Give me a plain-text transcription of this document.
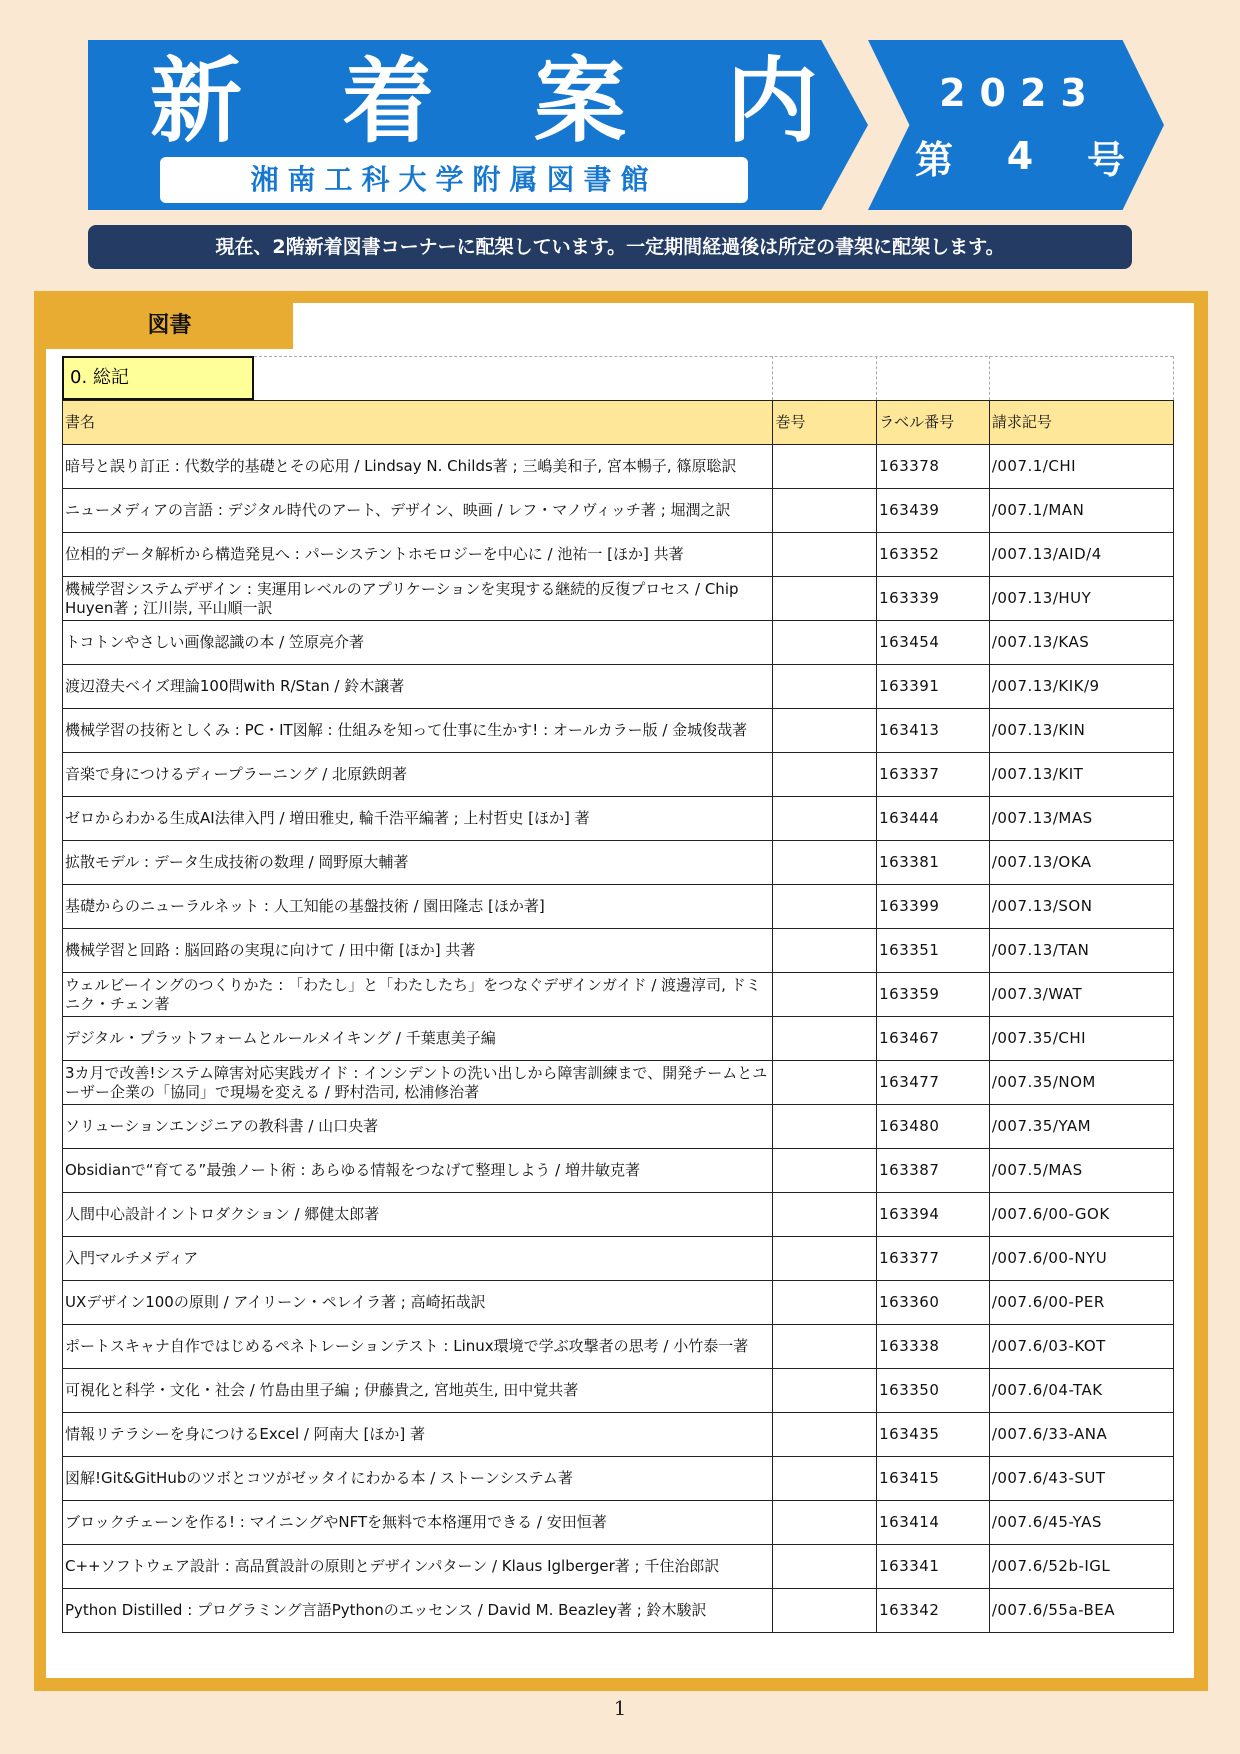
新 着 案 内
湘南工科大学附属図書館
2023
第 4 号
現在、2階新着図書コーナーに配架しています。一定期間経過後は所定の書架に配架します。
図書
0. 総記
書名	巻号	ラベル番号	請求記号
暗号と誤り訂正 : 代数学的基礎とその応用 / Lindsay N. Childs著 ; 三嶋美和子, 宮本暢子, 篠原聡訳		163378	/007.1/CHI
ニューメディアの言語 : デジタル時代のアート、デザイン、映画 / レフ・マノヴィッチ著 ; 堀潤之訳		163439	/007.1/MAN
位相的データ解析から構造発見へ : パーシステントホモロジーを中心に / 池祐一 [ほか] 共著		163352	/007.13/AID/4
機械学習システムデザイン : 実運用レベルのアプリケーションを実現する継続的反復プロセス / Chip Huyen著 ; 江川崇, 平山順一訳		163339	/007.13/HUY
トコトンやさしい画像認識の本 / 笠原亮介著		163454	/007.13/KAS
渡辺澄夫ベイズ理論100問with R/Stan / 鈴木譲著		163391	/007.13/KIK/9
機械学習の技術としくみ : PC・IT図解 : 仕組みを知って仕事に生かす! : オールカラー版 / 金城俊哉著		163413	/007.13/KIN
音楽で身につけるディープラーニング / 北原鉄朗著		163337	/007.13/KIT
ゼロからわかる生成AI法律入門 / 増田雅史, 輪千浩平編著 ; 上村哲史 [ほか] 著		163444	/007.13/MAS
拡散モデル : データ生成技術の数理 / 岡野原大輔著		163381	/007.13/OKA
基礎からのニューラルネット : 人工知能の基盤技術 / 園田隆志 [ほか著]		163399	/007.13/SON
機械学習と回路 : 脳回路の実現に向けて / 田中衛 [ほか] 共著		163351	/007.13/TAN
ウェルビーイングのつくりかた : 「わたし」と「わたしたち」をつなぐデザインガイド / 渡邊淳司, ドミニク・チェン著		163359	/007.3/WAT
デジタル・プラットフォームとルールメイキング / 千葉恵美子編		163467	/007.35/CHI
3カ月で改善!システム障害対応実践ガイド : インシデントの洗い出しから障害訓練まで、開発チームとユーザー企業の「協同」で現場を変える / 野村浩司, 松浦修治著		163477	/007.35/NOM
ソリューションエンジニアの教科書 / 山口央著		163480	/007.35/YAM
Obsidianで“育てる”最強ノート術 : あらゆる情報をつなげて整理しよう / 増井敏克著		163387	/007.5/MAS
人間中心設計イントロダクション / 郷健太郎著		163394	/007.6/00-GOK
入門マルチメディア		163377	/007.6/00-NYU
UXデザイン100の原則 / アイリーン・ペレイラ著 ; 高崎拓哉訳		163360	/007.6/00-PER
ポートスキャナ自作ではじめるペネトレーションテスト : Linux環境で学ぶ攻撃者の思考 / 小竹泰一著		163338	/007.6/03-KOT
可視化と科学・文化・社会 / 竹島由里子編 ; 伊藤貴之, 宮地英生, 田中覚共著		163350	/007.6/04-TAK
情報リテラシーを身につけるExcel / 阿南大 [ほか] 著		163435	/007.6/33-ANA
図解!Git&GitHubのツボとコツがゼッタイにわかる本 / ストーンシステム著		163415	/007.6/43-SUT
ブロックチェーンを作る! : マイニングやNFTを無料で本格運用できる / 安田恒著		163414	/007.6/45-YAS
C++ソフトウェア設計 : 高品質設計の原則とデザインパターン / Klaus Iglberger著 ; 千住治郎訳		163341	/007.6/52b-IGL
Python Distilled : プログラミング言語Pythonのエッセンス / David M. Beazley著 ; 鈴木駿訳		163342	/007.6/55a-BEA
1
